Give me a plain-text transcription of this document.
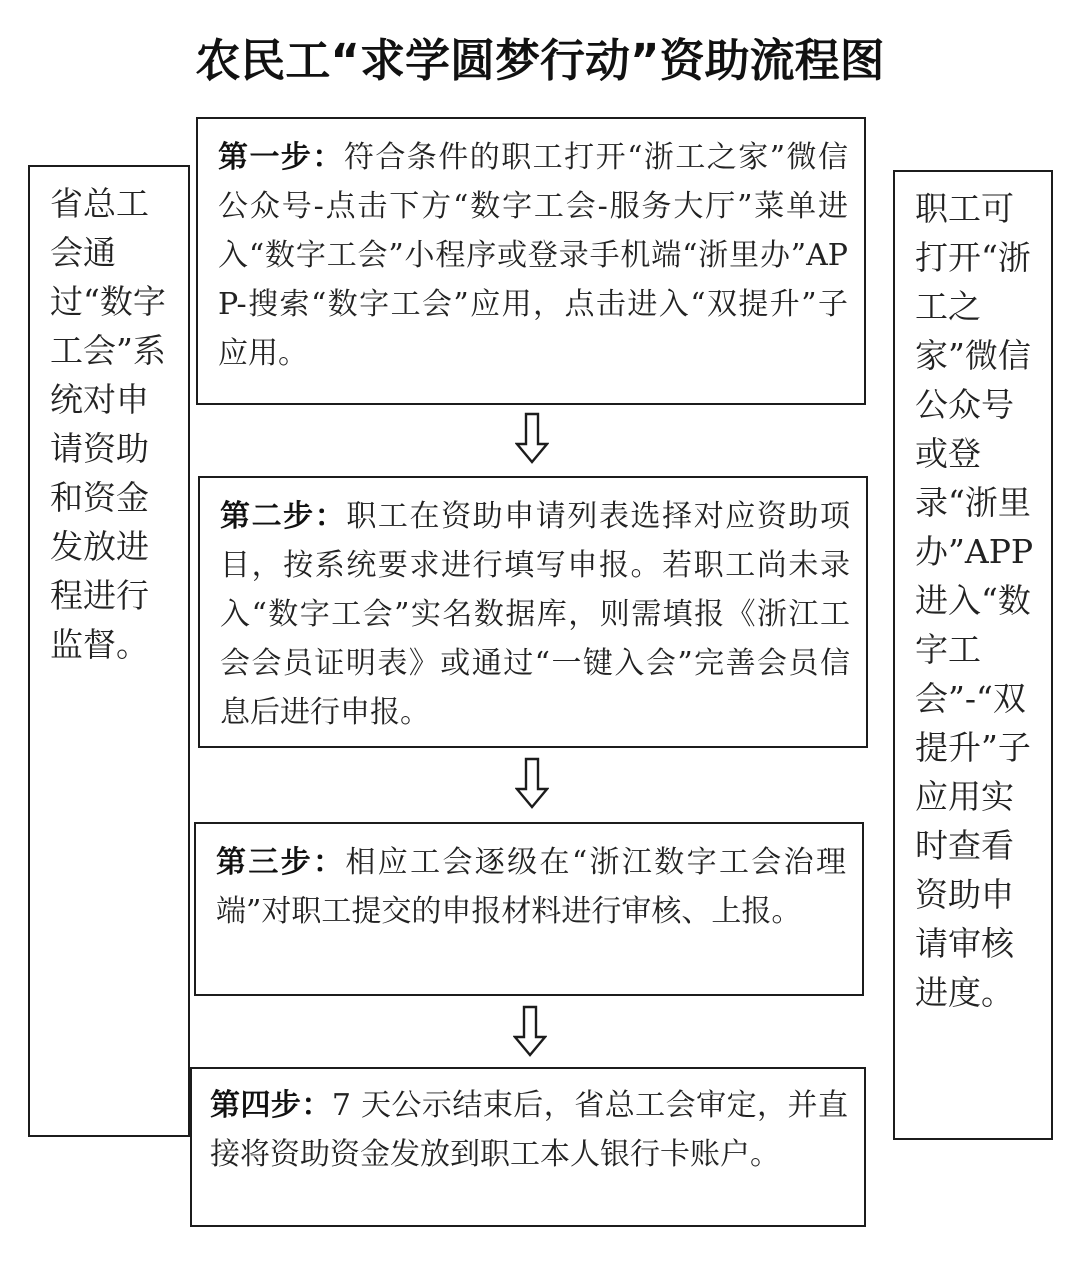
农民工“求学圆梦行动”资助流程图
省总工会通过“数字工会”系统对申请资助和资金发放进程进行监督。
职工可打开“浙工之家”微信公众号或登录“浙里办”APP进入“数字工会”-“双提升”子应用实时查看资助申请审核进度。
第一步：符合条件的职工打开“浙工之家”微信公众号-点击下方“数字工会-服务大厅”菜单进入“数字工会”小程序或登录手机端“浙里办”APP-搜索“数字工会”应用，点击进入“双提升”子应用。
第二步：职工在资助申请列表选择对应资助项目，按系统要求进行填写申报。若职工尚未录入“数字工会”实名数据库，则需填报《浙江工会会员证明表》或通过“一键入会”完善会员信息后进行申报。
第三步：相应工会逐级在“浙江数字工会治理端”对职工提交的申报材料进行审核、上报。
第四步：7 天公示结束后，省总工会审定，并直接将资助资金发放到职工本人银行卡账户。
